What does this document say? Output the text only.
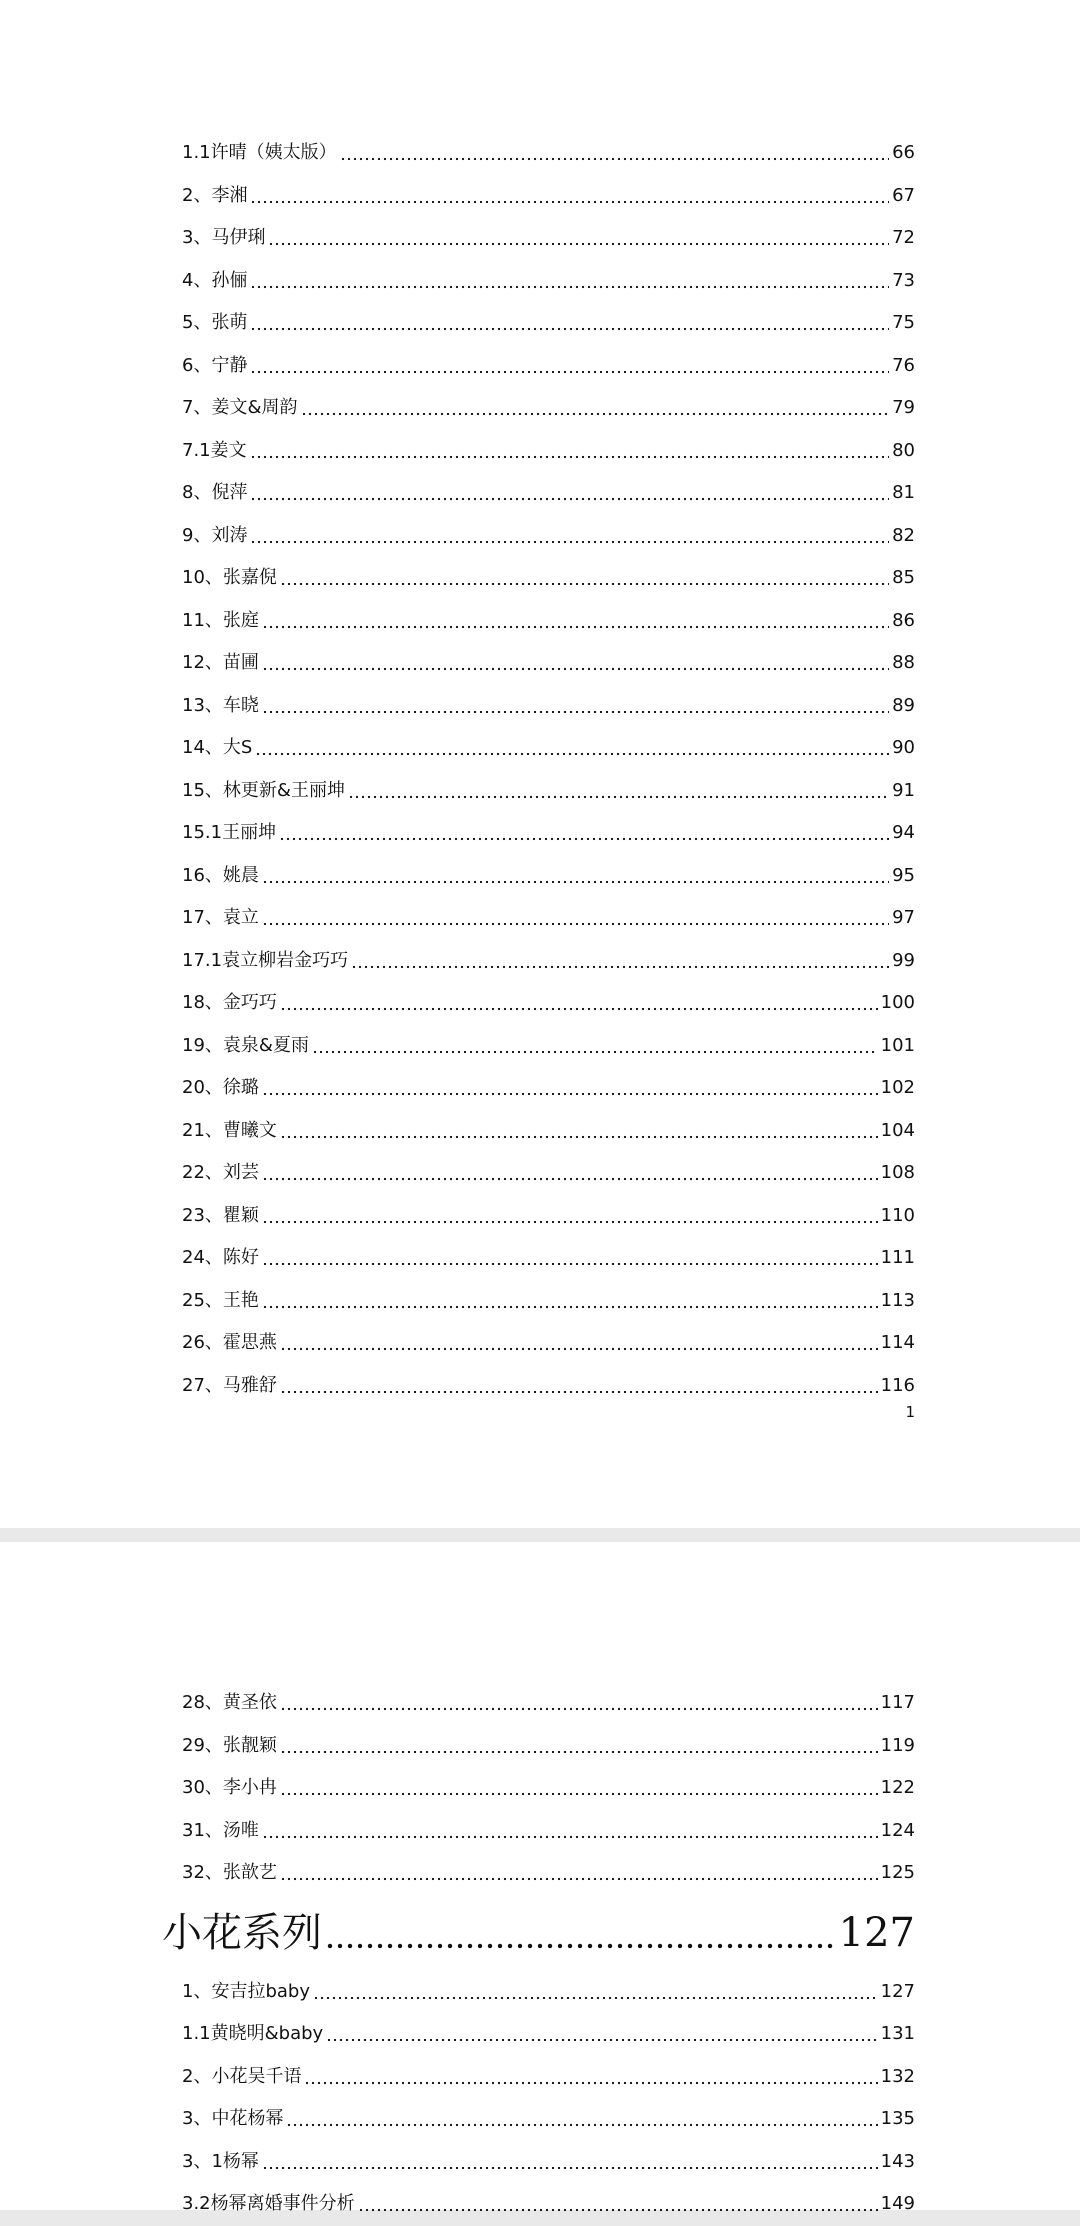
1.1许晴（姨太版）	66
2、李湘	67
3、马伊琍	72
4、孙俪	73
5、张萌	75
6、宁静	76
7、姜文&周韵	79
7.1姜文	80
8、倪萍	81
9、刘涛	82
10、张嘉倪	85
11、张庭	86
12、苗圃	88
13、车晓	89
14、大S	90
15、林更新&王丽坤	91
15.1王丽坤	94
16、姚晨	95
17、袁立	97
17.1袁立柳岩金巧巧	99
18、金巧巧	100
19、袁泉&夏雨	101
20、徐璐	102
21、曹曦文	104
22、刘芸	108
23、瞿颖	110
24、陈好	111
25、王艳	113
26、霍思燕	114
27、马雅舒	116
1
28、黄圣依	117
29、张靓颖	119
30、李小冉	122
31、汤唯	124
32、张歆艺	125
小花系列	127
1、安吉拉baby	127
1.1黄晓明&baby	131
2、小花吴千语	132
3、中花杨幂	135
3、1杨幂	143
3.2杨幂离婚事件分析	149
